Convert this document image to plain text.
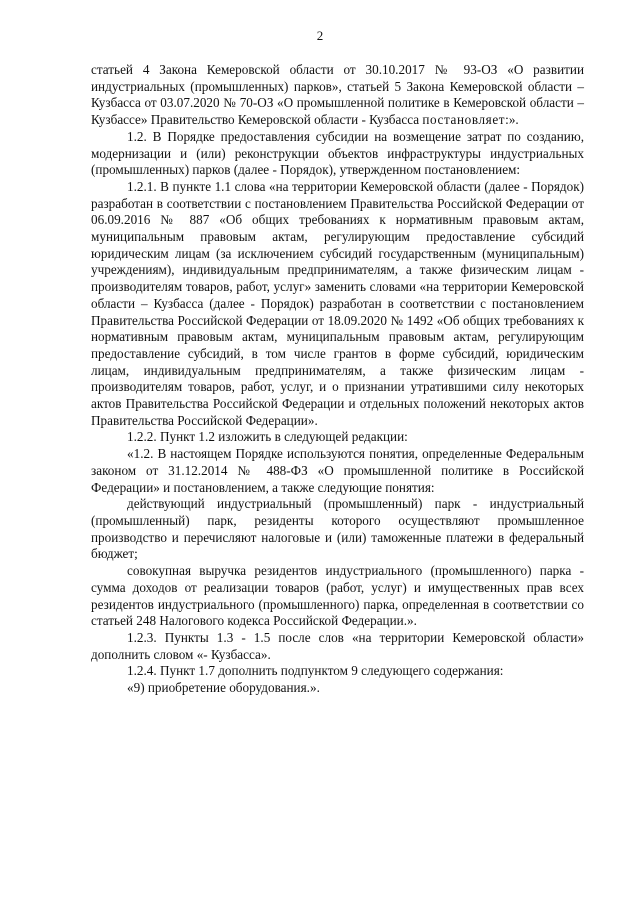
2

статьей 4 Закона Кемеровской области от 30.10.2017 № 93-ОЗ «О развитии индустриальных (промышленных) парков», статьей 5 Закона Кемеровской области – Кузбасса от 03.07.2020 № 70-ОЗ «О промышленной политике в Кемеровской области – Кузбассе» Правительство Кемеровской области - Кузбасса постановляет:».

1.2. В Порядке предоставления субсидии на возмещение затрат по созданию, модернизации и (или) реконструкции объектов инфраструктуры индустриальных (промышленных) парков (далее - Порядок), утвержденном постановлением:

1.2.1. В пункте 1.1 слова «на территории Кемеровской области (далее - Порядок) разработан в соответствии с постановлением Правительства Российской Федерации от 06.09.2016 № 887 «Об общих требованиях к нормативным правовым актам, муниципальным правовым актам, регулирующим предоставление субсидий юридическим лицам (за исключением субсидий государственным (муниципальным) учреждениям), индивидуальным предпринимателям, а также физическим лицам - производителям товаров, работ, услуг» заменить словами «на территории Кемеровской области – Кузбасса (далее - Порядок) разработан в соответствии с постановлением Правительства Российской Федерации от 18.09.2020 № 1492 «Об общих требованиях к нормативным правовым актам, муниципальным правовым актам, регулирующим предоставление субсидий, в том числе грантов в форме субсидий, юридическим лицам, индивидуальным предпринимателям, а также физическим лицам - производителям товаров, работ, услуг, и о признании утратившими силу некоторых актов Правительства Российской Федерации и отдельных положений некоторых актов Правительства Российской Федерации».

1.2.2. Пункт 1.2 изложить в следующей редакции:

«1.2. В настоящем Порядке используются понятия, определенные Федеральным законом от 31.12.2014 № 488-ФЗ «О промышленной политике в Российской Федерации» и постановлением, а также следующие понятия:

действующий индустриальный (промышленный) парк - индустриальный (промышленный) парк, резиденты которого осуществляют промышленное производство и перечисляют налоговые и (или) таможенные платежи в федеральный бюджет;

совокупная выручка резидентов индустриального (промышленного) парка - сумма доходов от реализации товаров (работ, услуг) и имущественных прав всех резидентов индустриального (промышленного) парка, определенная в соответствии со статьей 248 Налогового кодекса Российской Федерации.».

1.2.3. Пункты 1.3 - 1.5 после слов «на территории Кемеровской области» дополнить словом «- Кузбасса».

1.2.4. Пункт 1.7 дополнить подпунктом 9 следующего содержания:

«9) приобретение оборудования.».
